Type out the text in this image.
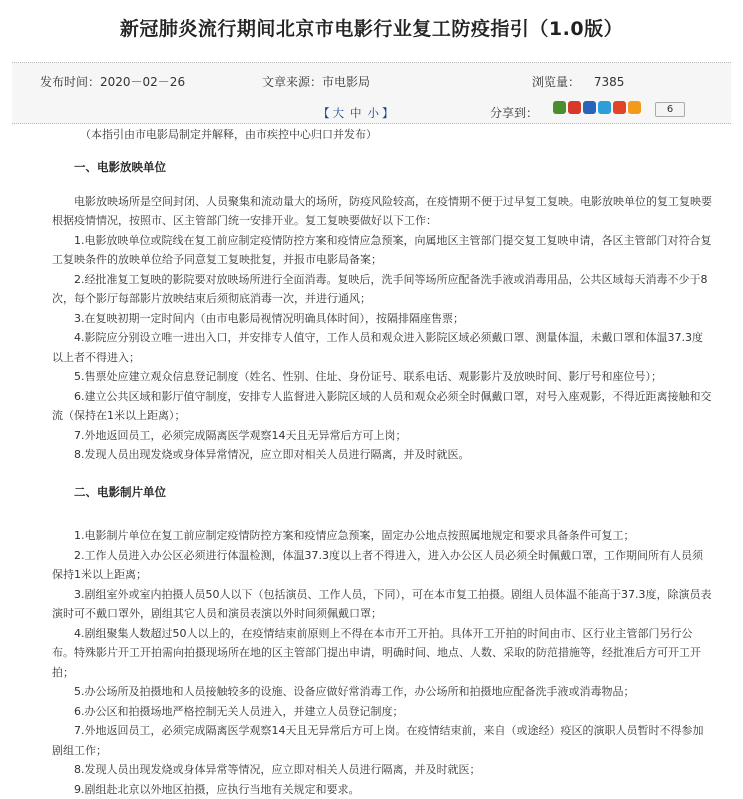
新冠肺炎流行期间北京市电影行业复工防疫指引（1.0版）
发布时间：2020－02－26	文章来源：市电影局	浏览量： 7385
【 大 中 小 】	分享到：	6
（本指引由市电影局制定并解释，由市疾控中心归口并发布）
一、电影放映单位

电影放映场所是空间封闭、人员聚集和流动量大的场所，防疫风险较高，在疫情期不便于过早复工复映。电影放映单位的复工复映要根据疫情情况，按照市、区主管部门统一安排开业。复工复映要做好以下工作：

1.电影放映单位或院线在复工前应制定疫情防控方案和疫情应急预案，向属地区主管部门提交复工复映申请，各区主管部门对符合复工复映条件的放映单位给予同意复工复映批复，并报市电影局备案；

2.经批准复工复映的影院要对放映场所进行全面消毒。复映后，洗手间等场所应配备洗手液或消毒用品，公共区域每天消毒不少于8次，每个影厅每部影片放映结束后须彻底消毒一次，并进行通风；

3.在复映初期一定时间内（由市电影局视情况明确具体时间），按隔排隔座售票；

4.影院应分别设立唯一进出入口，并安排专人值守，工作人员和观众进入影院区域必须戴口罩、测量体温，未戴口罩和体温37.3度以上者不得进入；

5.售票处应建立观众信息登记制度（姓名、性别、住址、身份证号、联系电话、观影影片及放映时间、影厅号和座位号）；

6.建立公共区域和影厅值守制度，安排专人监督进入影院区域的人员和观众必须全时佩戴口罩，对号入座观影，不得近距离接触和交流（保持在1米以上距离）；

7.外地返回员工，必须完成隔离医学观察14天且无异常后方可上岗；

8.发现人员出现发烧或身体异常情况，应立即对相关人员进行隔离，并及时就医。

二、电影制片单位

1.电影制片单位在复工前应制定疫情防控方案和疫情应急预案，固定办公地点按照属地规定和要求具备条件可复工；

2.工作人员进入办公区必须进行体温检测，体温37.3度以上者不得进入，进入办公区人员必须全时佩戴口罩，工作期间所有人员须保持1米以上距离；

3.剧组室外或室内拍摄人员50人以下（包括演员、工作人员，下同），可在本市复工拍摄。剧组人员体温不能高于37.3度，除演员表演时可不戴口罩外，剧组其它人员和演员表演以外时间须佩戴口罩；

4.剧组聚集人数超过50人以上的，在疫情结束前原则上不得在本市开工开拍。具体开工开拍的时间由市、区行业主管部门另行公布。特殊影片开工开拍需向拍摄现场所在地的区主管部门提出申请，明确时间、地点、人数、采取的防范措施等，经批准后方可开工开拍；

5.办公场所及拍摄地和人员接触较多的设施、设备应做好常消毒工作，办公场所和拍摄地应配备洗手液或消毒物品；

6.办公区和拍摄场地严格控制无关人员进入，并建立人员登记制度；

7.外地返回员工，必须完成隔离医学观察14天且无异常后方可上岗。在疫情结束前，来自（或途经）疫区的演职人员暂时不得参加剧组工作；

8.发现人员出现发烧或身体异常等情况，应立即对相关人员进行隔离，并及时就医；

9.剧组赴北京以外地区拍摄，应执行当地有关规定和要求。
